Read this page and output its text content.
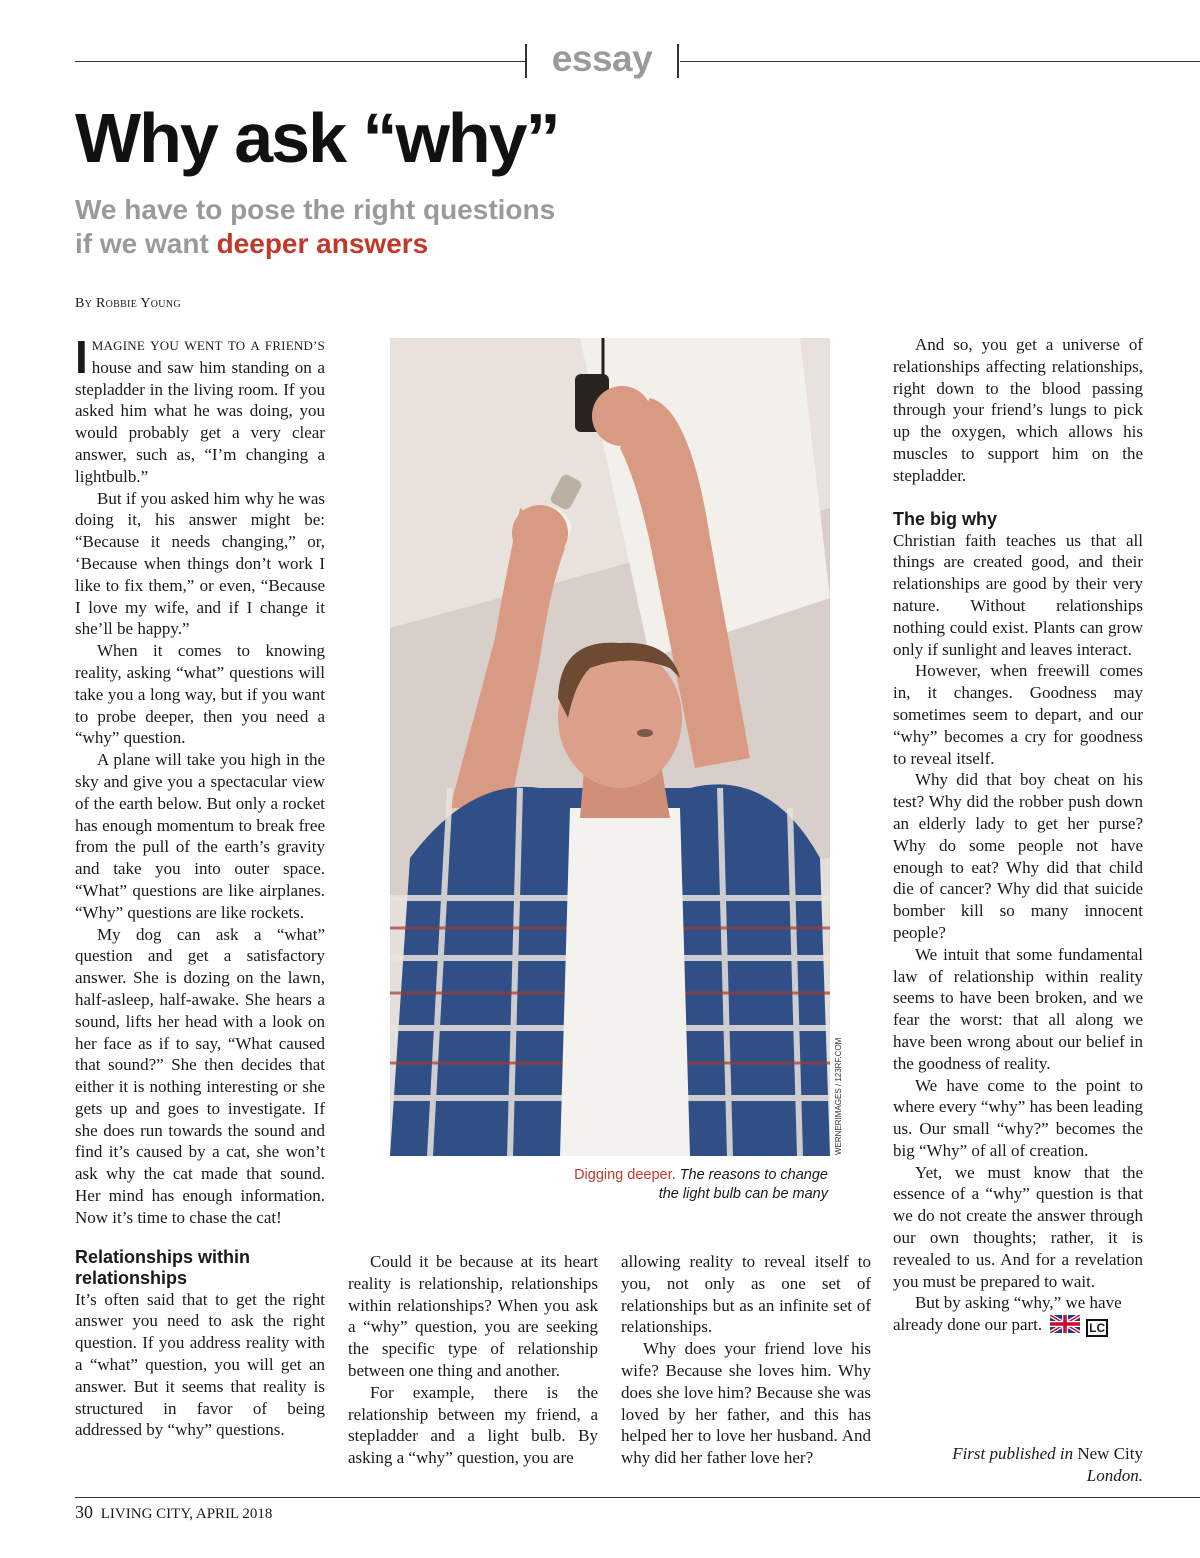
essay
Why ask “why”
We have to pose the right questions
if we want deeper answers
By Robbie Young

IMAGINE YOU WENT TO A FRIEND’S house and saw him standing on a stepladder in the living room. If you asked him what he was doing, you would probably get a very clear answer, such as, “I’m changing a lightbulb.”

But if you asked him why he was doing it, his answer might be: “Because it needs changing,” or, ‘Because when things don’t work I like to fix them,” or even, “Because I love my wife, and if I change it she’ll be happy.”

When it comes to knowing reality, asking “what” questions will take you a long way, but if you want to probe deeper, then you need a “why” question.

A plane will take you high in the sky and give you a spectacular view of the earth below. But only a rocket has enough momentum to break free from the pull of the earth’s gravity and take you into outer space. “What” questions are like airplanes. “Why” questions are like rockets.

My dog can ask a “what” question and get a satisfactory answer. She is dozing on the lawn, half-asleep, half-awake. She hears a sound, lifts her head with a look on her face as if to say, “What caused that sound?” She then decides that either it is nothing interesting or she gets up and goes to investigate. If she does run towards the sound and find it’s caused by a cat, she won’t ask why the cat made that sound. Her mind has enough information. Now it’s time to chase the cat!

Relationships within relationships

It’s often said that to get the right answer you need to ask the right question. If you address reality with a “what” question, you will get an answer. But it seems that reality is structured in favor of being addressed by “why” questions.

WERNERIMAGES / 123RF.COM
Digging deeper. The reasons to change the light bulb can be many

Could it be because at its heart reality is relationship, relationships within relationships? When you ask a “why” question, you are seeking the specific type of relationship between one thing and another.

For example, there is the relationship between my friend, a stepladder and a light bulb. By asking a “why” question, you are

allowing reality to reveal itself to you, not only as one set of relationships but as an infinite set of relationships.

Why does your friend love his wife? Because she loves him. Why does she love him? Because she was loved by her father, and this has helped her to love her husband. And why did her father love her?

And so, you get a universe of relationships affecting relationships, right down to the blood passing through your friend’s lungs to pick up the oxygen, which allows his muscles to support him on the stepladder.

The big why

Christian faith teaches us that all things are created good, and their relationships are good by their very nature. Without relationships nothing could exist. Plants can grow only if sunlight and leaves interact.

However, when freewill comes in, it changes. Goodness may sometimes seem to depart, and our “why” becomes a cry for goodness to reveal itself.

Why did that boy cheat on his test? Why did the robber push down an elderly lady to get her purse? Why do some people not have enough to eat? Why did that child die of cancer? Why did that suicide bomber kill so many innocent people?

We intuit that some fundamental law of relationship within reality seems to have been broken, and we fear the worst: that all along we have been wrong about our belief in the goodness of reality.

We have come to the point to where every “why” has been leading us. Our small “why?” becomes the big “Why” of all of creation.

Yet, we must know that the essence of a “why” question is that we do not create the answer through our own thoughts; rather, it is revealed to us. And for a revelation you must be prepared to wait.

But by asking “why,” we have already done our part.	LC

First published in New City London.
30 LIVING CITY, APRIL 2018
